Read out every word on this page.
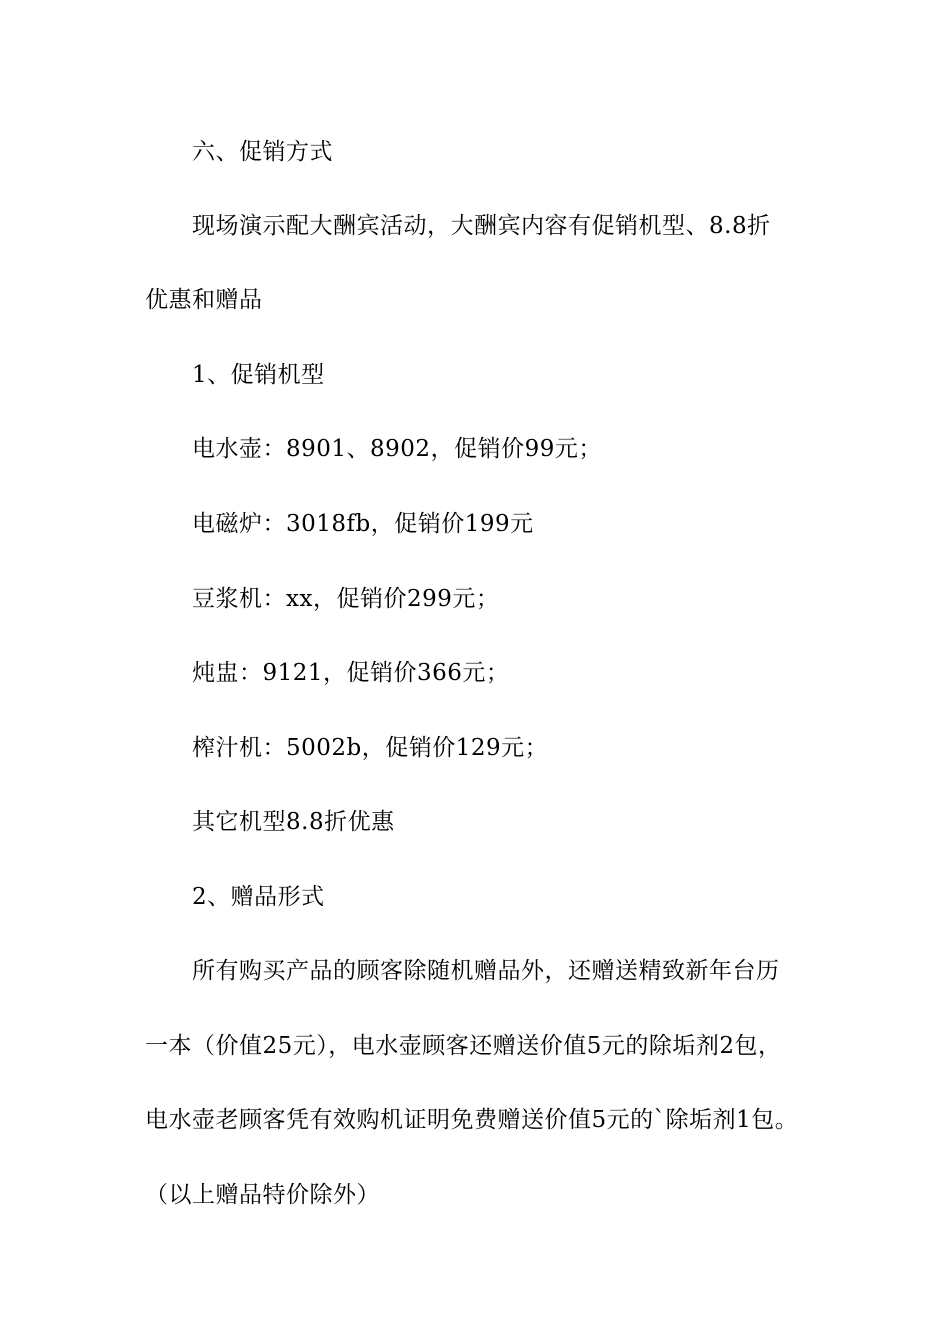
六、促销方式
现场演示配大酬宾活动，大酬宾内容有促销机型、8.8折
优惠和赠品
1、促销机型
电水壶：8901、8902，促销价99元；
电磁炉：3018fb，促销价199元
豆浆机：xx，促销价299元；
炖盅：9121，促销价366元；
榨汁机：5002b，促销价129元；
其它机型8.8折优惠
2、赠品形式
所有购买产品的顾客除随机赠品外，还赠送精致新年台历
一本（价值25元），电水壶顾客还赠送价值5元的除垢剂2包，
电水壶老顾客凭有效购机证明免费赠送价值5元的`除垢剂1包。
（以上赠品特价除外）
